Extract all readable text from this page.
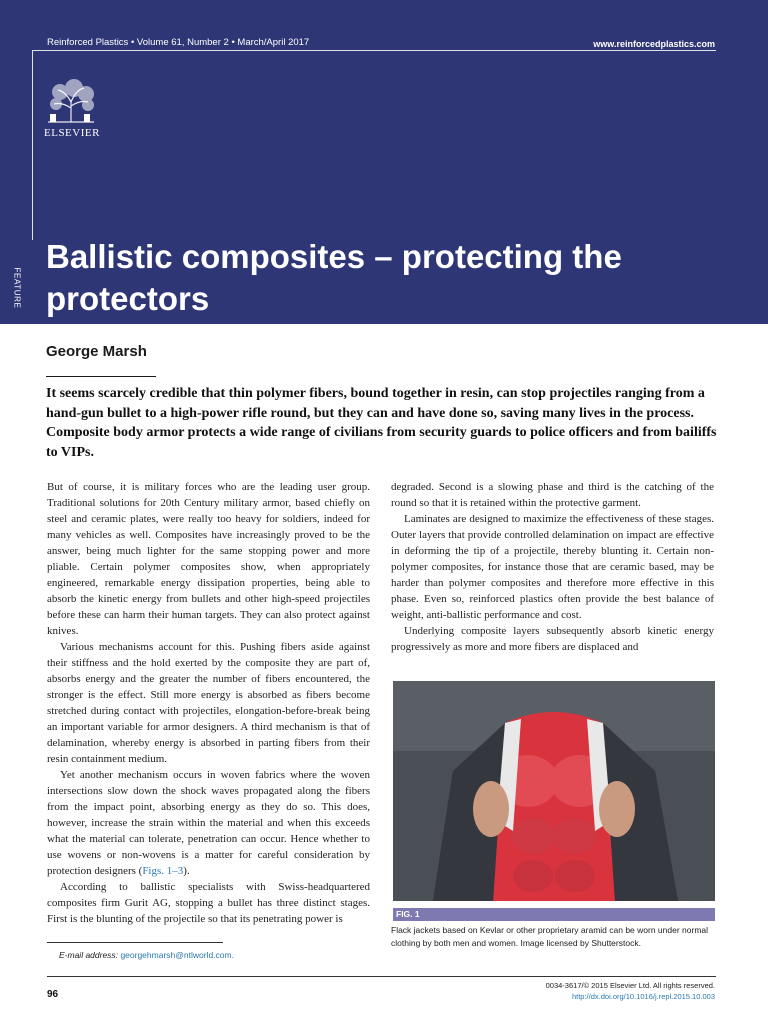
Reinforced Plastics • Volume 61, Number 2 • March/April 2017	www.reinforcedplastics.com
ELSEVIER
FEATURE
Ballistic composites – protecting the protectors
George Marsh

It seems scarcely credible that thin polymer fibers, bound together in resin, can stop projectiles ranging from a hand-gun bullet to a high-power rifle round, but they can and have done so, saving many lives in the process. Composite body armor protects a wide range of civilians from security guards to police officers and from bailiffs to VIPs.

But of course, it is military forces who are the leading user group. Traditional solutions for 20th Century military armor, based chiefly on steel and ceramic plates, were really too heavy for soldiers, indeed for many vehicles as well. Composites have increasingly proved to be the answer, being much lighter for the same stopping power and more pliable. Certain polymer composites show, when appropriately engineered, remarkable energy dissipation properties, being able to absorb the kinetic energy from bullets and other high-speed projectiles before these can harm their human targets. They can also protect against knives.

Various mechanisms account for this. Pushing fibers aside against their stiffness and the hold exerted by the composite they are part of, absorbs energy and the greater the number of fibers encountered, the stronger is the effect. Still more energy is absorbed as fibers become stretched during contact with projectiles, elongation-before-break being an important variable for armor designers. A third mechanism is that of delamination, whereby energy is absorbed in parting fibers from their resin containment medium.

Yet another mechanism occurs in woven fabrics where the woven intersections slow down the shock waves propagated along the fibers from the impact point, absorbing energy as they do so. This does, however, increase the strain within the material and when this exceeds what the material can tolerate, penetration can occur. Hence whether to use wovens or non-wovens is a matter for careful consideration by protection designers (Figs. 1–3).

According to ballistic specialists with Swiss-headquartered composites firm Gurit AG, stopping a bullet has three distinct stages. First is the blunting of the projectile so that its penetrating power is

degraded. Second is a slowing phase and third is the catching of the round so that it is retained within the protective garment.

Laminates are designed to maximize the effectiveness of these stages. Outer layers that provide controlled delamination on impact are effective in deforming the tip of a projectile, thereby blunting it. Certain non-polymer composites, for instance those that are ceramic based, may be harder than polymer composites and therefore more effective in this phase. Even so, reinforced plastics often provide the best balance of weight, anti-ballistic performance and cost.

Underlying composite layers subsequently absorb kinetic energy progressively as more and more fibers are displaced and

FIG. 1
Flack jackets based on Kevlar or other proprietary aramid can be worn under normal clothing by both men and women. Image licensed by Shutterstock.
E-mail address: georgehmarsh@ntlworld.com.
96
0034-3617/© 2015 Elsevier Ltd. All rights reserved.
http://dx.doi.org/10.1016/j.repl.2015.10.003
